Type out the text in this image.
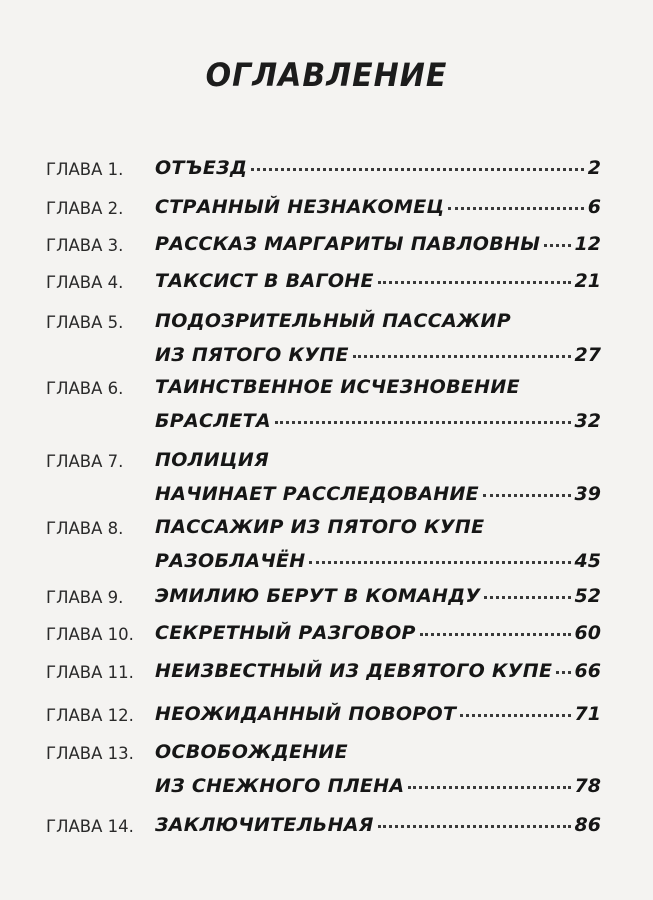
ОГЛАВЛЕНИЕ
ГЛАВА 1.	ОТЪЕЗД	2
ГЛАВА 2.	СТРАННЫЙ НЕЗНАКОМЕЦ	6
ГЛАВА 3.	РАССКАЗ МАРГАРИТЫ ПАВЛОВНЫ 12
ГЛАВА 4.	ТАКСИСТ В ВАГОНЕ	21
ГЛАВА 5.	ПОДОЗРИТЕЛЬНЫЙ ПАССАЖИР
ИЗ ПЯТОГО КУПЕ	27
ГЛАВА 6.	ТАИНСТВЕННОЕ ИСЧЕЗНОВЕНИЕ
БРАСЛЕТА	32
ГЛАВА 7.	ПОЛИЦИЯ
НАЧИНАЕТ РАССЛЕДОВАНИЕ	39
ГЛАВА 8.	ПАССАЖИР ИЗ ПЯТОГО КУПЕ
РАЗОБЛАЧЁН	45
ГЛАВА 9.	ЭМИЛИЮ БЕРУТ В КОМАНДУ	52
ГЛАВА 10.	СЕКРЕТНЫЙ РАЗГОВОР	60
ГЛАВА 11.	НЕИЗВЕСТНЫЙ ИЗ ДЕВЯТОГО КУПЕ 66
ГЛАВА 12.	НЕОЖИДАННЫЙ ПОВОРОТ	71
ГЛАВА 13.	ОСВОБОЖДЕНИЕ
ИЗ СНЕЖНОГО ПЛЕНА	78
ГЛАВА 14.	ЗАКЛЮЧИТЕЛЬНАЯ	86
